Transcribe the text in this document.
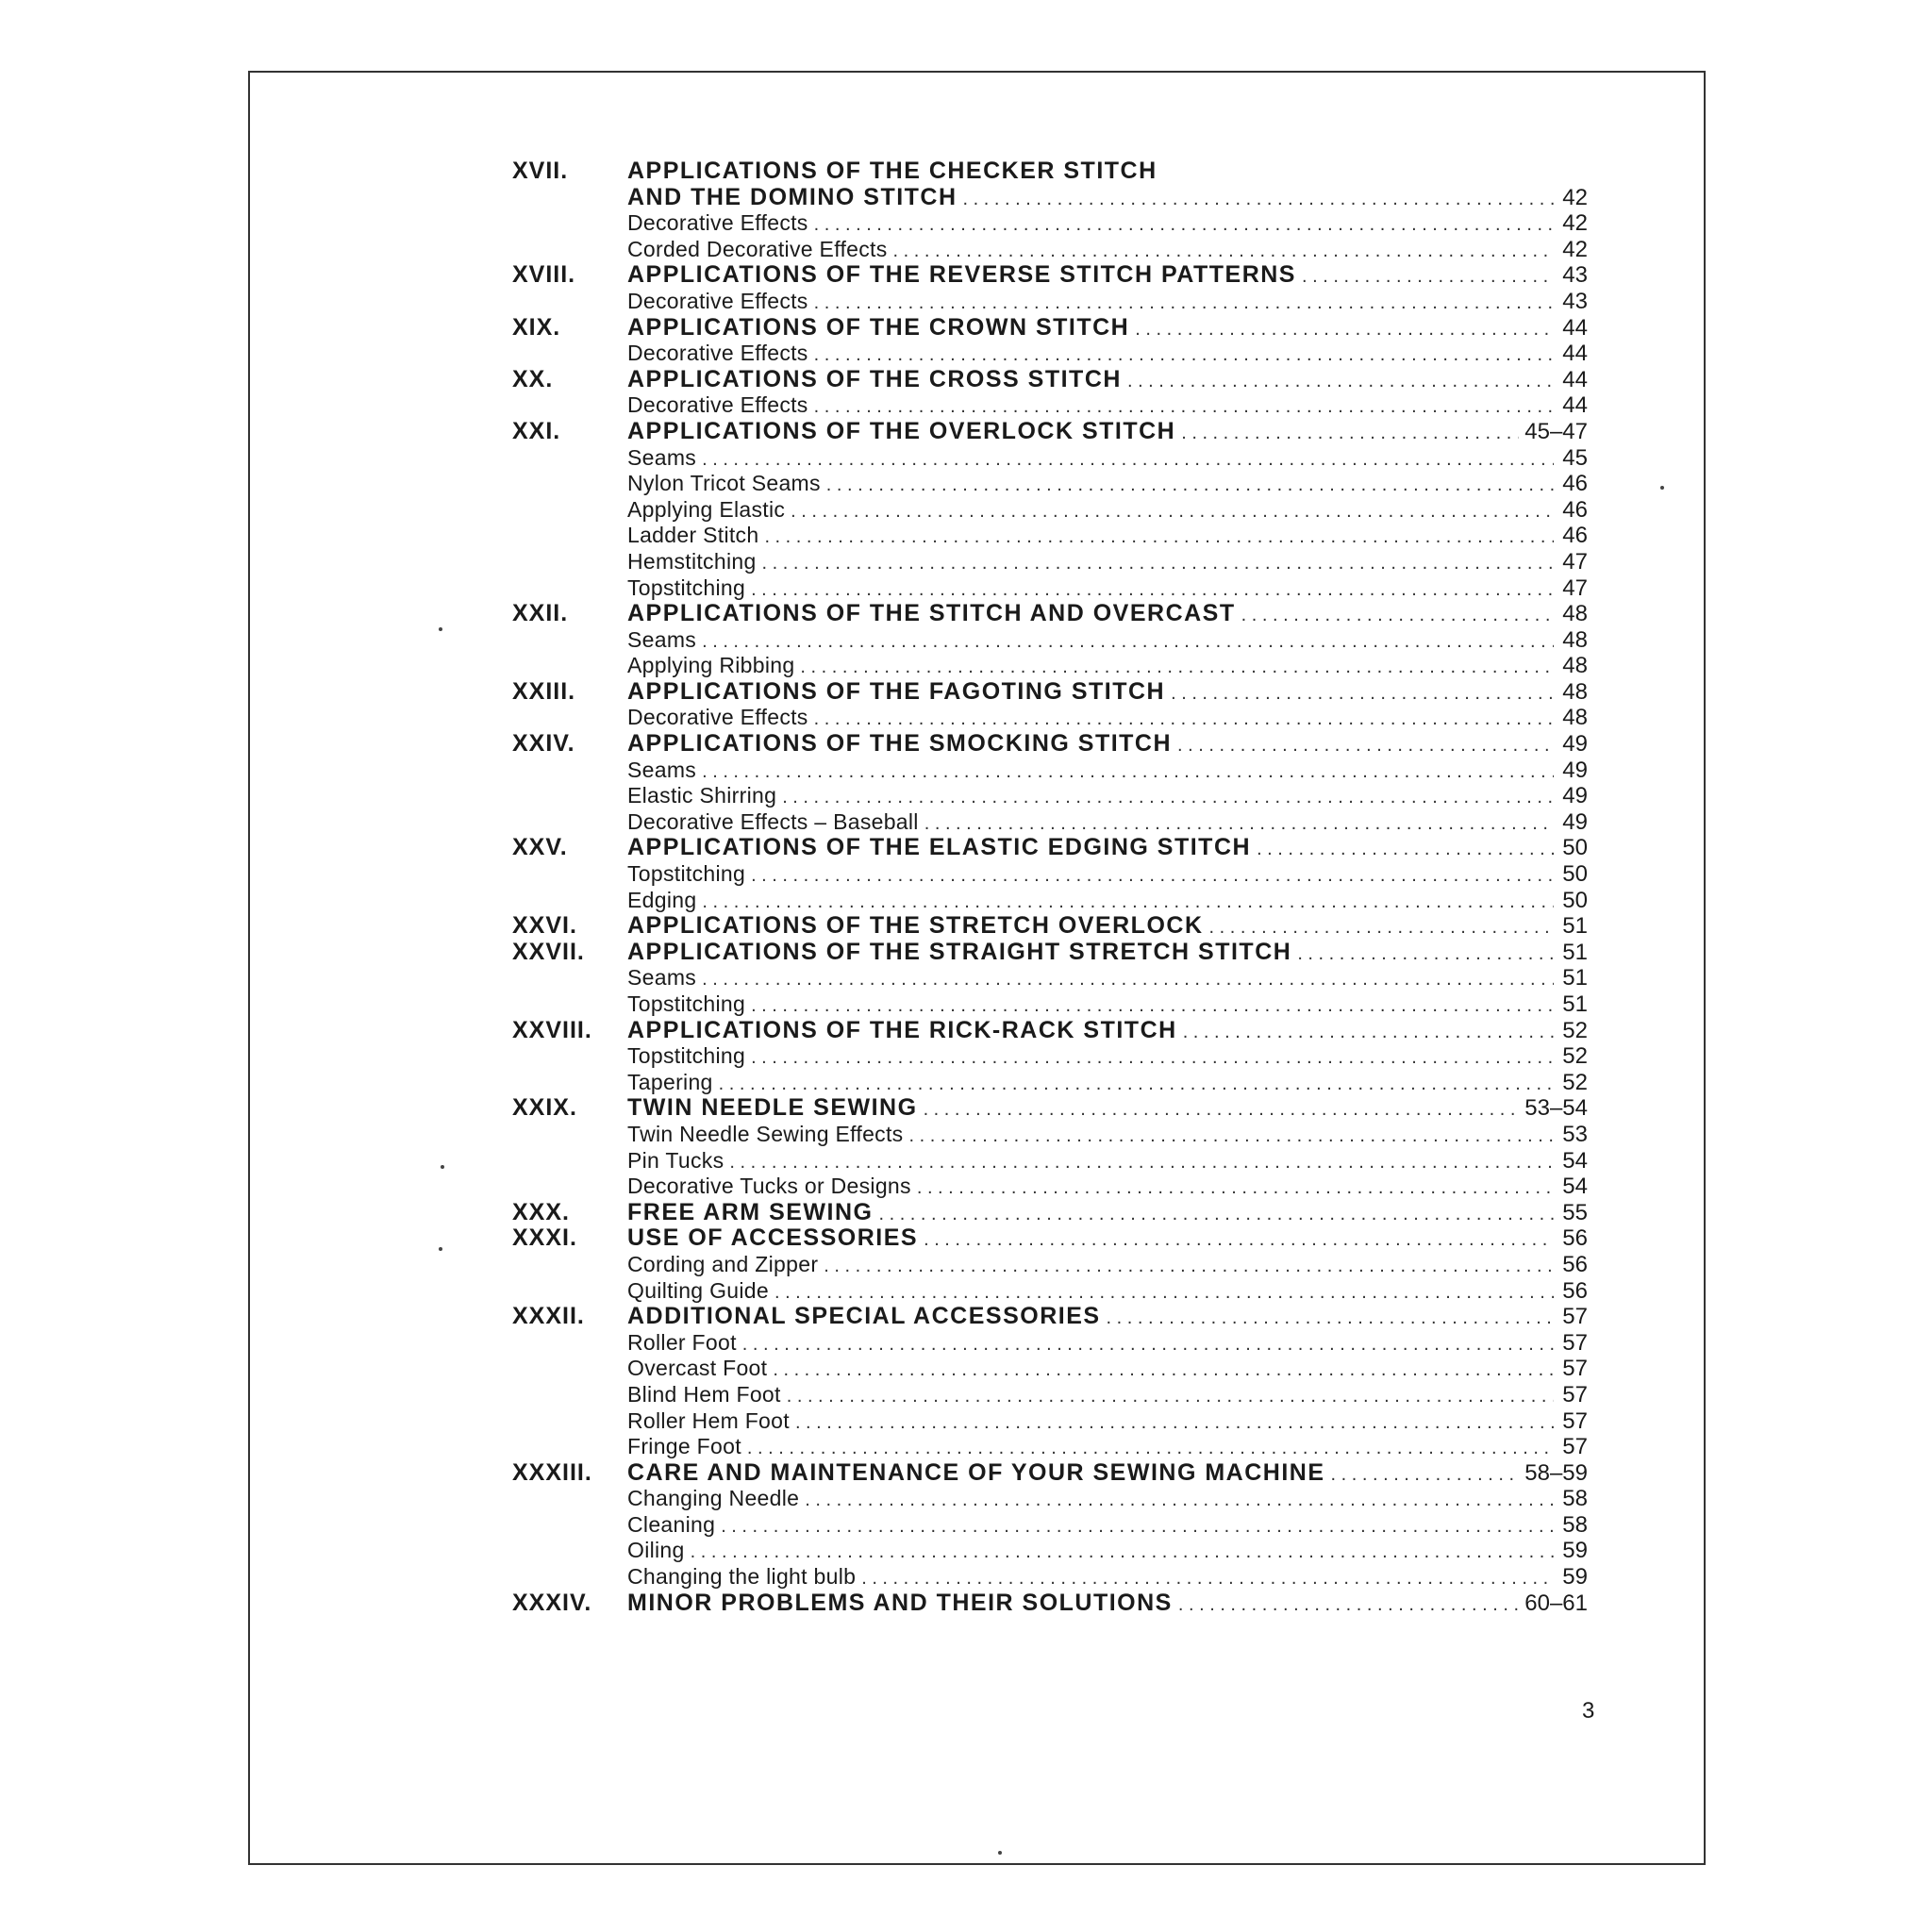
XVII.	APPLICATIONS OF THE CHECKER STITCH
AND THE DOMINO STITCH . . .	42
Decorative Effects . . .	42
Corded Decorative Effects . . .	42
XVIII.	APPLICATIONS OF THE REVERSE STITCH PATTERNS . . .	43
Decorative Effects . . .	43
XIX.	APPLICATIONS OF THE CROWN STITCH . . .	44
Decorative Effects . . .	44
XX.	APPLICATIONS OF THE CROSS STITCH . . .	44
Decorative Effects . . .	44
XXI.	APPLICATIONS OF THE OVERLOCK STITCH . . .	45–47
Seams . . .	45
Nylon Tricot Seams . . .	46
Applying Elastic . . .	46
Ladder Stitch . . .	46
Hemstitching . . .	47
Topstitching . . .	47
XXII.	APPLICATIONS OF THE STITCH AND OVERCAST . . .	48
Seams . . .	48
Applying Ribbing . . .	48
XXIII.	APPLICATIONS OF THE FAGOTING STITCH . . .	48
Decorative Effects . . .	48
XXIV.	APPLICATIONS OF THE SMOCKING STITCH . . .	49
Seams . . .	49
Elastic Shirring . . .	49
Decorative Effects – Baseball . . .	49
XXV.	APPLICATIONS OF THE ELASTIC EDGING STITCH . . .	50
Topstitching . . .	50
Edging . . .	50
XXVI.	APPLICATIONS OF THE STRETCH OVERLOCK . . .	51
XXVII.	APPLICATIONS OF THE STRAIGHT STRETCH STITCH . . .	51
Seams . . .	51
Topstitching . . .	51
XXVIII.	APPLICATIONS OF THE RICK-RACK STITCH . . .	52
Topstitching . . .	52
Tapering . . .	52
XXIX.	TWIN NEEDLE SEWING . . .	53–54
Twin Needle Sewing Effects . . .	53
Pin Tucks . . .	54
Decorative Tucks or Designs . . .	54
XXX.	FREE ARM SEWING . . .	55
XXXI.	USE OF ACCESSORIES . . .	56
Cording and Zipper . . .	56
Quilting Guide . . .	56
XXXII.	ADDITIONAL SPECIAL ACCESSORIES . . .	57
Roller Foot . . .	57
Overcast Foot . . .	57
Blind Hem Foot . . .	57
Roller Hem Foot . . .	57
Fringe Foot . . .	57
XXXIII.	CARE AND MAINTENANCE OF YOUR SEWING MACHINE . . .	58–59
Changing Needle . . .	58
Cleaning . . .	58
Oiling . . .	59
Changing the light bulb . . .	59
XXXIV.	MINOR PROBLEMS AND THEIR SOLUTIONS . . .	60–61
3
